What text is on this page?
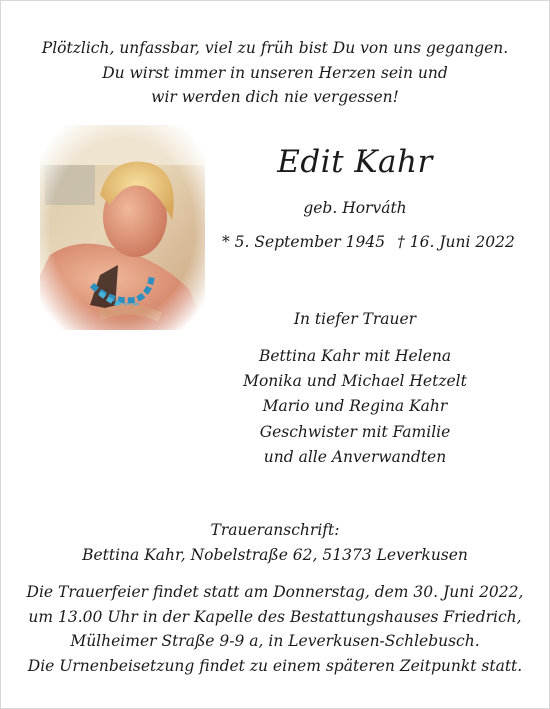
Plötzlich, unfassbar, viel zu früh bist Du von uns gegangen.
Du wirst immer in unseren Herzen sein und
wir werden dich nie vergessen!
Edit Kahr
geb. Horváth
* 5. September 1945 † 16. Juni 2022
In tiefer Trauer
Bettina Kahr mit Helena
Monika und Michael Hetzelt
Mario und Regina Kahr
Geschwister mit Familie
und alle Anverwandten
Traueranschrift:
Bettina Kahr, Nobelstraße 62, 51373 Leverkusen
Die Trauerfeier findet statt am Donnerstag, dem 30. Juni 2022,
um 13.00 Uhr in der Kapelle des Bestattungshauses Friedrich,
Mülheimer Straße 9-9 a, in Leverkusen-Schlebusch.
Die Urnenbeisetzung findet zu einem späteren Zeitpunkt statt.
